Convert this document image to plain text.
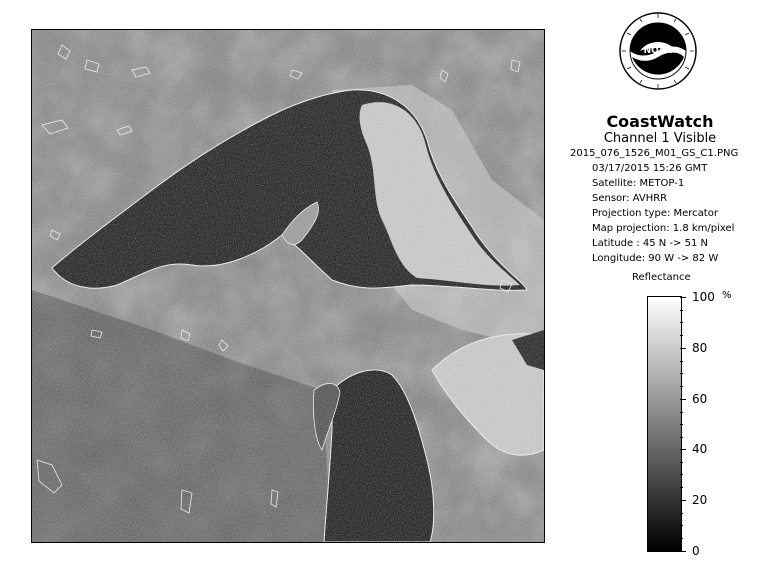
NOAA
CoastWatch
Channel 1 Visible
2015_076_1526_M01_GS_C1.PNG
03/17/2015 15:26 GMT
Satellite: METOP-1
Sensor: AVHRR
Projection type: Mercator
Map projection: 1.8 km/pixel
Latitude : 45 N -> 51 N
Longitude: 90 W -> 82 W
Reflectance
%
100
80
60
40
20
0
